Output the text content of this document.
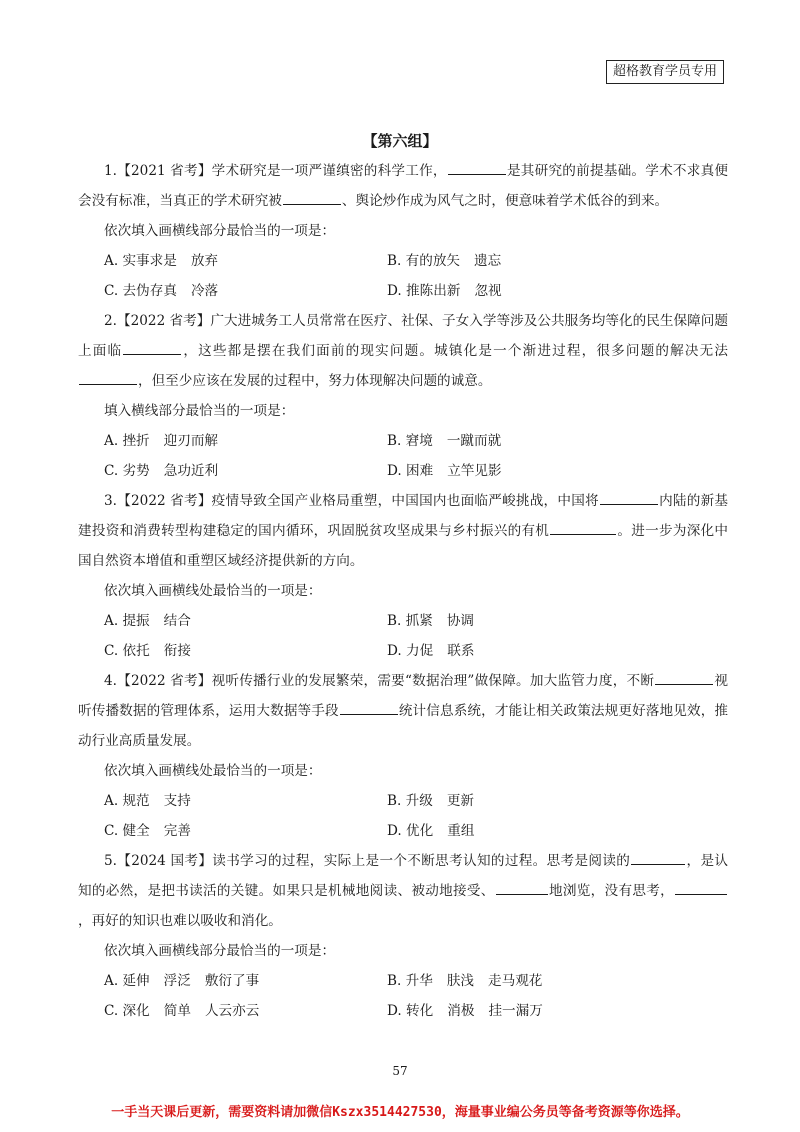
超格教育学员专用
【第六组】

1.【2021 省考】学术研究是一项严谨缜密的科学工作，	是其研究的前提基础。学术不求真便会没有标准，当真正的学术研究被	、舆论炒作成为风气之时，便意味着学术低谷的到来。

依次填入画横线部分最恰当的一项是：

A. 实事求是 放弃	B. 有的放矢 遗忘
C. 去伪存真 冷落	D. 推陈出新 忽视

2.【2022 省考】广大进城务工人员常常在医疗、社保、子女入学等涉及公共服务均等化的民生保障问题上面临	，这些都是摆在我们面前的现实问题。城镇化是一个渐进过程，很多问题的解决无法，但至少应该在发展的过程中，努力体现解决问题的诚意。

填入横线部分最恰当的一项是：

A. 挫折 迎刃而解	B. 窘境 一蹴而就
C. 劣势 急功近利	D. 困难 立竿见影

3.【2022 省考】疫情导致全国产业格局重塑，中国国内也面临严峻挑战，中国将	内陆的新基建投资和消费转型构建稳定的国内循环，巩固脱贫攻坚成果与乡村振兴的有机	。进一步为深化中国自然资本增值和重塑区域经济提供新的方向。

依次填入画横线处最恰当的一项是：

A. 提振 结合	B. 抓紧 协调
C. 依托 衔接	D. 力促 联系

4.【2022 省考】视听传播行业的发展繁荣，需要“数据治理”做保障。加大监管力度，不断	视听传播数据的管理体系，运用大数据等手段	统计信息系统，才能让相关政策法规更好落地见效，推动行业高质量发展。

依次填入画横线处最恰当的一项是：

A. 规范 支持	B. 升级 更新
C. 健全 完善	D. 优化 重组

5.【2024 国考】读书学习的过程，实际上是一个不断思考认知的过程。思考是阅读的	，是认知的必然，是把书读活的关键。如果只是机械地阅读、被动地接受、	地浏览，没有思考，，再好的知识也难以吸收和消化。

依次填入画横线部分最恰当的一项是：

A. 延伸 浮泛 敷衍了事	B. 升华 肤浅 走马观花
C. 深化 简单 人云亦云	D. 转化 消极 挂一漏万
57
一手当天课后更新，需要资料请加微信Kszx3514427530，海量事业编公务员等备考资源等你选择。
